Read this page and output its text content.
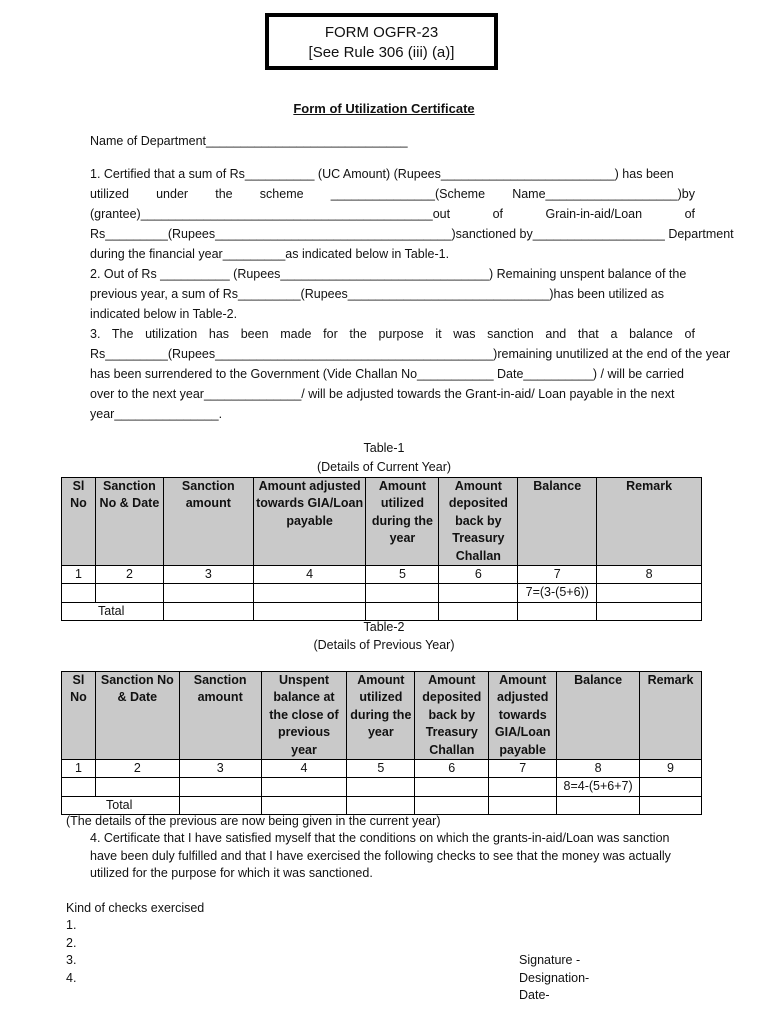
FORM OGFR-23
[See Rule 306 (iii) (a)]
Form of Utilization Certificate
Name of Department_____________________________
1. Certified that a sum of Rs__________ (UC Amount) (Rupees_________________________) has been
utilized under the scheme _______________(Scheme Name___________________)by
(grantee)__________________________________________out of Grain-in-aid/Loan of
Rs_________(Rupees__________________________________)sanctioned by___________________ Department
during the financial year_________as indicated below in Table-1.
2. Out of Rs __________ (Rupees______________________________) Remaining unspent balance of the
previous year, a sum of Rs_________(Rupees_____________________________)has been utilized as
indicated below in Table-2.
3. The utilization has been made for the purpose it was sanction and that a balance of
Rs_________(Rupees________________________________________)remaining unutilized at the end of the year
has been surrendered to the Government (Vide Challan No___________ Date__________) / will be carried
over to the next year______________/ will be adjusted towards the Grant-in-aid/ Loan payable in the next
year_______________.
Table-1
(Details of Current Year)
Sl No	Sanction No & Date	Sanction amount	Amount adjusted towards GIA/Loan payable	Amount utilized during the year	Amount deposited back by Treasury Challan	Balance	Remark
1	2	3	4	5	6	7	8
						7=(3-(5+6))	
Tatal							
Table-2
(Details of Previous Year)
Sl No	Sanction No & Date	Sanction amount	Unspent balance at the close of previous year	Amount utilized during the year	Amount deposited back by Treasury Challan	Amount adjusted towards GIA/Loan payable	Balance	Remark
1	2	3	4	5	6	7	8	9
							8=4-(5+6+7)	
Total								
(The details of the previous are now being given in the current year)
4. Certificate that I have satisfied myself that the conditions on which the grants-in-aid/Loan was sanction
have been duly fulfilled and that I have exercised the following checks to see that the money was actually
utilized for the purpose for which it was sanctioned.
Kind of checks exercised
1.
2.
3.
4.
Signature -
Designation-
Date-
